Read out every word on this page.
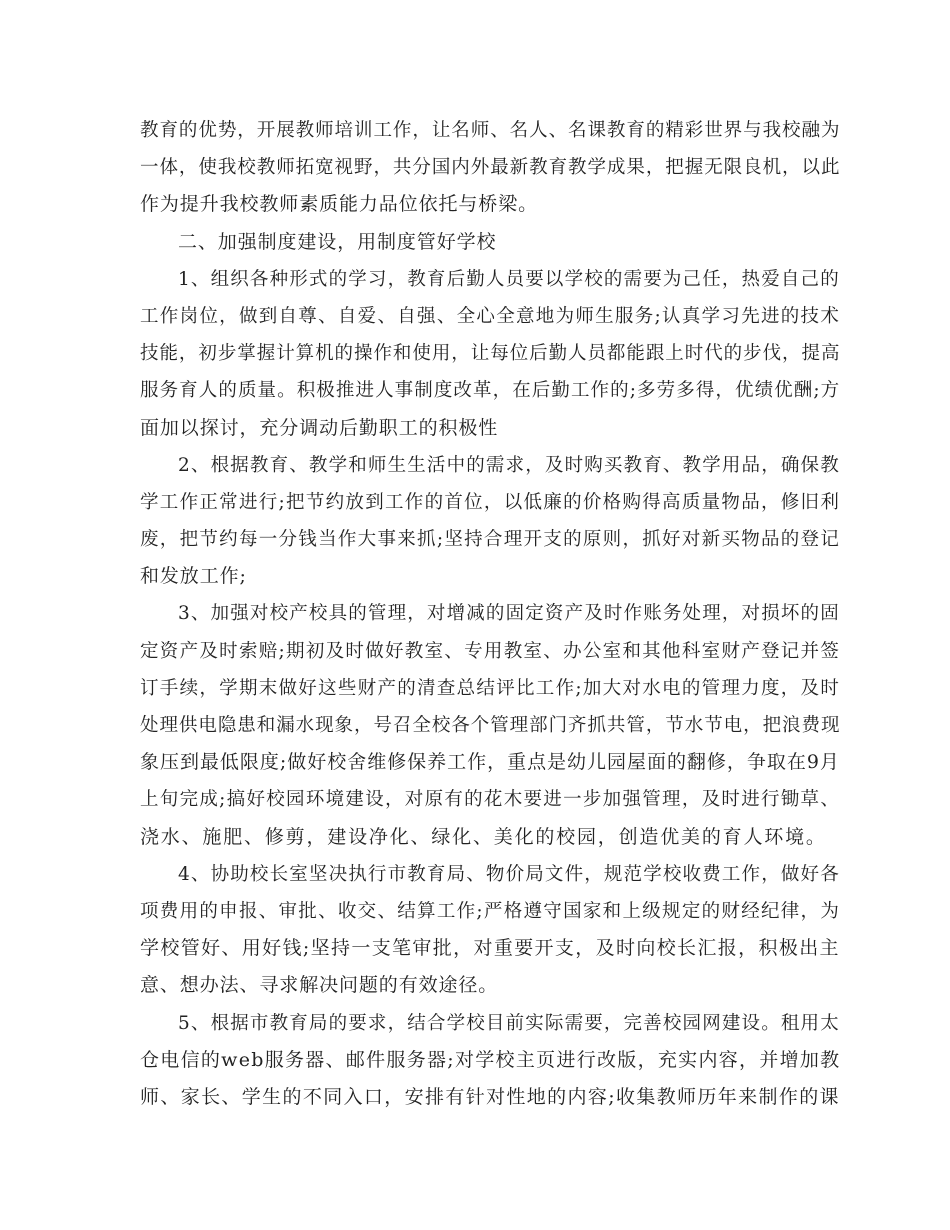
教育的优势，开展教师培训工作，让名师、名人、名课教育的精彩世界与我校融为
一体，使我校教师拓宽视野，共分国内外最新教育教学成果，把握无限良机，以此
作为提升我校教师素质能力品位依托与桥梁。
二、加强制度建设，用制度管好学校
1、组织各种形式的学习，教育后勤人员要以学校的需要为己任，热爱自己的
工作岗位，做到自尊、自爱、自强、全心全意地为师生服务;认真学习先进的技术
技能，初步掌握计算机的操作和使用，让每位后勤人员都能跟上时代的步伐，提高
服务育人的质量。积极推进人事制度改革，在后勤工作的;多劳多得，优绩优酬;方
面加以探讨，充分调动后勤职工的积极性
2、根据教育、教学和师生生活中的需求，及时购买教育、教学用品，确保教
学工作正常进行;把节约放到工作的首位，以低廉的价格购得高质量物品，修旧利
废，把节约每一分钱当作大事来抓;坚持合理开支的原则，抓好对新买物品的登记
和发放工作;
3、加强对校产校具的管理，对增减的固定资产及时作账务处理，对损坏的固
定资产及时索赔;期初及时做好教室、专用教室、办公室和其他科室财产登记并签
订手续，学期末做好这些财产的清查总结评比工作;加大对水电的管理力度，及时
处理供电隐患和漏水现象，号召全校各个管理部门齐抓共管，节水节电，把浪费现
象压到最低限度;做好校舍维修保养工作，重点是幼儿园屋面的翻修，争取在9月
上旬完成;搞好校园环境建设，对原有的花木要进一步加强管理，及时进行锄草、
浇水、施肥、修剪，建设净化、绿化、美化的校园，创造优美的育人环境。
4、协助校长室坚决执行市教育局、物价局文件，规范学校收费工作，做好各
项费用的申报、审批、收交、结算工作;严格遵守国家和上级规定的财经纪律，为
学校管好、用好钱;坚持一支笔审批，对重要开支，及时向校长汇报，积极出主
意、想办法、寻求解决问题的有效途径。
5、根据市教育局的要求，结合学校目前实际需要，完善校园网建设。租用太
仓电信的web服务器、邮件服务器;对学校主页进行改版，充实内容，并增加教
师、家长、学生的不同入口，安排有针对性地的内容;收集教师历年来制作的课
